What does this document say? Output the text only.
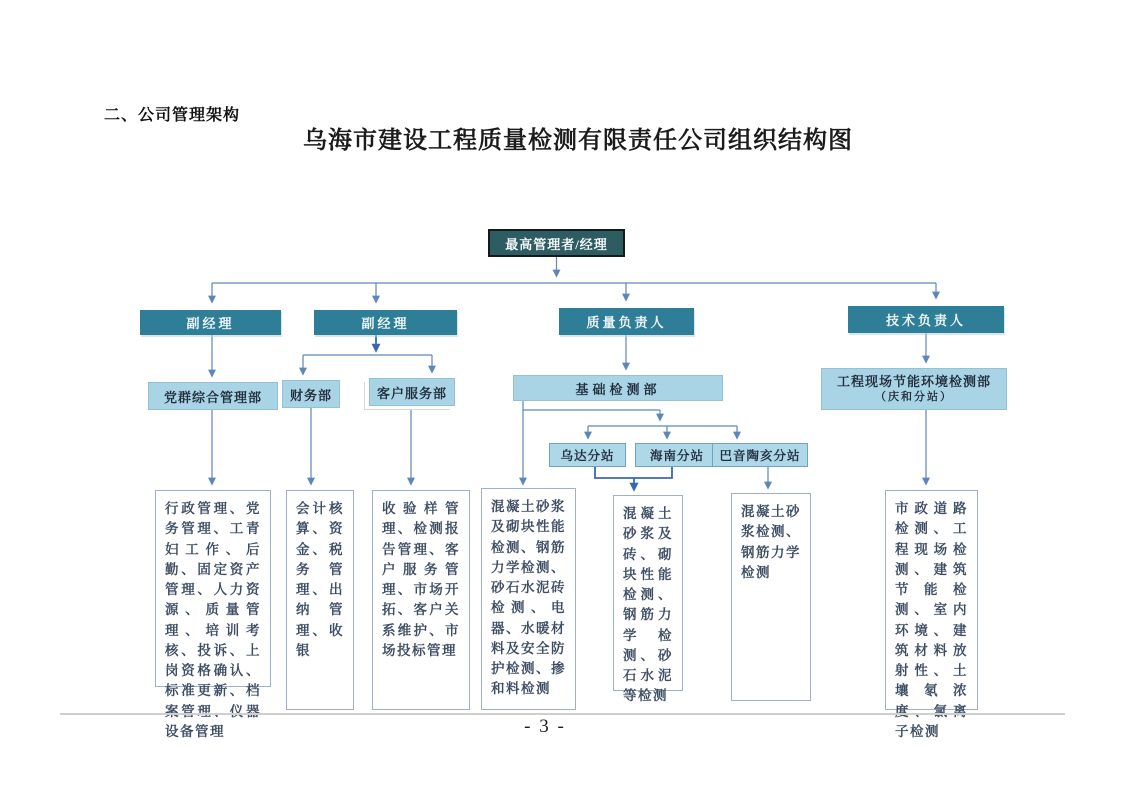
二、公司管理架构
乌海市建设工程质量检测有限责任公司组织结构图
最高管理者/经理
副经理	副经理	质量负责人	技术负责人
党群综合管理部	财务部	客户服务部	基础检测部
工程现场节能环境检测部
（庆和分站）
乌达分站	海南分站	巴音陶亥分站
行政管理、党务管理、工青妇工作、后勤、固定资产管理、人力资源、质量管理、培训考核、投诉、上岗资格确认、标准更新、档案管理、仪器设备管理
会计核算、资金、税务管理、出纳管理、收银
收验样管理、检测报告管理、客户服务管理、市场开拓、客户关系维护、市场投标管理
混凝土砂浆及砌块性能检测、钢筋力学检测、砂石水泥砖检测、电器、水暖材料及安全防护检测、掺和料检测
混凝土砂浆及砖、砌块性能检测、钢筋力学检测、砂石水泥等检测
混凝土砂浆检测、钢筋力学检测
市政道路检测、工程现场检测、建筑节能检测、室内环境、建筑材料放射性、土壤氡浓度、氯离子检测
- 3 -
